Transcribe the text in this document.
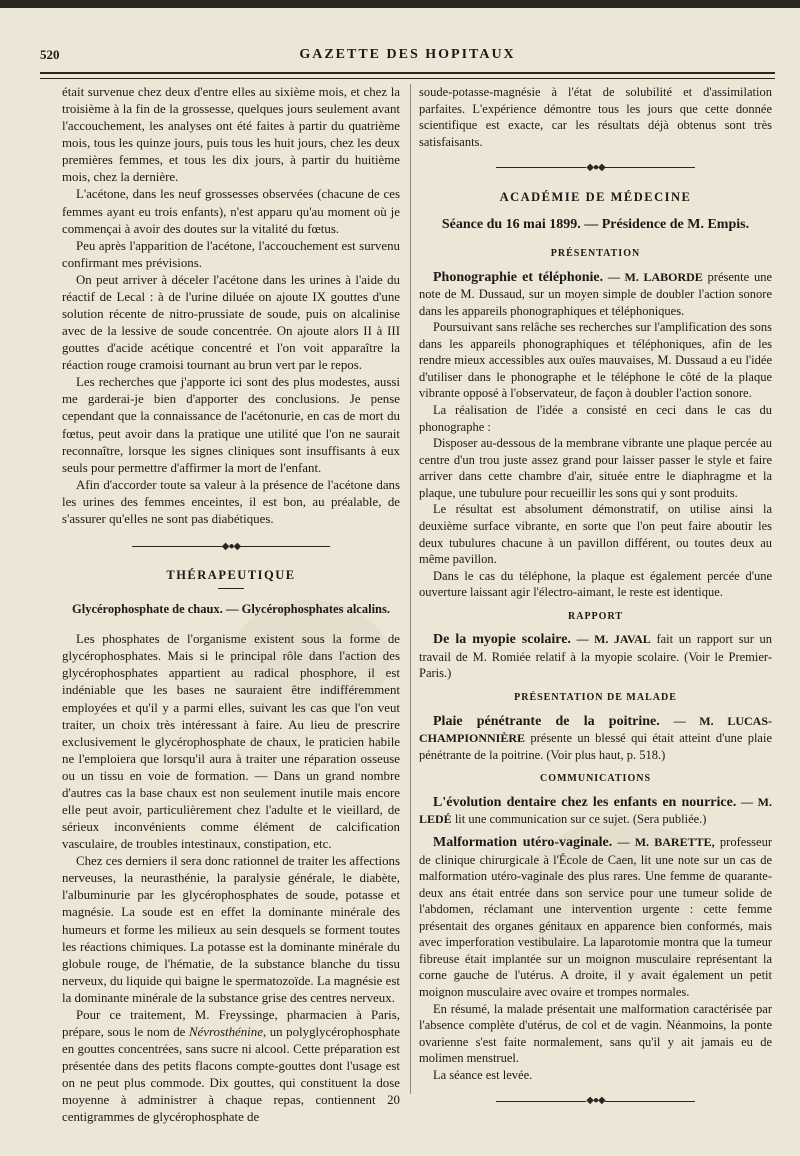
520	GAZETTE DES HOPITAUX

était survenue chez deux d'entre elles au sixième mois, et chez la troisième à la fin de la grossesse, quelques jours seulement avant l'accouchement, les analyses ont été faites à partir du quatrième mois, tous les quinze jours, puis tous les huit jours, chez les deux premières femmes, et tous les dix jours, à partir du huitième mois, chez la dernière.

L'acétone, dans les neuf grossesses observées (chacune de ces femmes ayant eu trois enfants), n'est apparu qu'au moment où je commençai à avoir des doutes sur la vitalité du fœtus.

Peu après l'apparition de l'acétone, l'accouchement est survenu confirmant mes prévisions.

On peut arriver à déceler l'acétone dans les urines à l'aide du réactif de Lecal : à de l'urine diluée on ajoute IX gouttes d'une solution récente de nitro-prussiate de soude, puis on alcalinise avec de la lessive de soude concentrée. On ajoute alors II à III gouttes d'acide acétique concentré et l'on voit apparaître la réaction rouge cramoisi tournant au brun vert par le repos.

Les recherches que j'apporte ici sont des plus modestes, aussi me garderai-je bien d'apporter des conclusions. Je pense cependant que la connaissance de l'acétonurie, en cas de mort du fœtus, peut avoir dans la pratique une utilité que l'on ne saurait reconnaître, lorsque les signes cliniques sont insuffisants à eux seuls pour permettre d'affirmer la mort de l'enfant.

Afin d'accorder toute sa valeur à la présence de l'acétone dans les urines des femmes enceintes, il est bon, au préalable, de s'assurer qu'elles ne sont pas diabétiques.

◆●◆
THÉRAPEUTIQUE
Glycérophosphate de chaux. — Glycérophosphates alcalins.

Les phosphates de l'organisme existent sous la forme de glycérophosphates. Mais si le principal rôle dans l'action des glycérophosphates appartient au radical phosphore, il est indéniable que les bases ne sauraient être indifféremment employées et qu'il y a parmi elles, suivant les cas que l'on veut traiter, un choix très intéressant à faire. Au lieu de prescrire exclusivement le glycérophosphate de chaux, le praticien habile ne l'emploiera que lorsqu'il aura à traiter une réparation osseuse ou un tissu en voie de formation. — Dans un grand nombre d'autres cas la base chaux est non seulement inutile mais encore elle peut avoir, particulièrement chez l'adulte et le vieillard, de sérieux inconvénients comme élément de calcification vasculaire, de troubles intestinaux, constipation, etc.

Chez ces derniers il sera donc rationnel de traiter les affections nerveuses, la neurasthénie, la paralysie générale, le diabète, l'albuminurie par les glycérophosphates de soude, potasse et magnésie. La soude est en effet la dominante minérale des humeurs et forme les milieux au sein desquels se forment toutes les réactions chimiques. La potasse est la dominante minérale du globule rouge, de l'hématie, de la substance blanche du tissu nerveux, du liquide qui baigne le spermatozoïde. La magnésie est la dominante minérale de la substance grise des centres nerveux.

Pour ce traitement, M. Freyssinge, pharmacien à Paris, prépare, sous le nom de Névrosthénine, un polyglycérophosphate en gouttes concentrées, sans sucre ni alcool. Cette préparation est présentée dans des petits flacons compte-gouttes dont l'usage est on ne peut plus commode. Dix gouttes, qui constituent la dose moyenne à administrer à chaque repas, contiennent 20 centigrammes de glycérophosphate de

soude-potasse-magnésie à l'état de solubilité et d'assimilation parfaites. L'expérience démontre tous les jours que cette donnée scientifique est exacte, car les résultats déjà obtenus sont très satisfaisants.

◆●◆
ACADÉMIE DE MÉDECINE
Séance du 16 mai 1899. — Présidence de M. Empis.
PRÉSENTATION

Phonographie et téléphonie. — M. LABORDE présente une note de M. Dussaud, sur un moyen simple de doubler l'action sonore dans les appareils phonographiques et téléphoniques.

Poursuivant sans relâche ses recherches sur l'amplification des sons dans les appareils phonographiques et téléphoniques, afin de les rendre mieux accessibles aux ouïes mauvaises, M. Dussaud a eu l'idée d'utiliser dans le phonographe et le téléphone le côté de la plaque vibrante opposé à l'observateur, de façon à doubler l'action sonore.

La réalisation de l'idée a consisté en ceci dans le cas du phonographe :

Disposer au-dessous de la membrane vibrante une plaque percée au centre d'un trou juste assez grand pour laisser passer le style et faire arriver dans cette chambre d'air, située entre le diaphragme et la plaque, une tubulure pour recueillir les sons qui y sont produits.

Le résultat est absolument démonstratif, on utilise ainsi la deuxième surface vibrante, en sorte que l'on peut faire aboutir les deux tubulures chacune à un pavillon différent, ou toutes deux au même pavillon.

Dans le cas du téléphone, la plaque est également percée d'une ouverture laissant agir l'électro-aimant, le reste est identique.

RAPPORT

De la myopie scolaire. — M. JAVAL fait un rapport sur un travail de M. Romiée relatif à la myopie scolaire. (Voir le Premier-Paris.)

PRÉSENTATION DE MALADE

Plaie pénétrante de la poitrine. — M. LUCAS-CHAMPIONNIÈRE présente un blessé qui était atteint d'une plaie pénétrante de la poitrine. (Voir plus haut, p. 518.)

COMMUNICATIONS

L'évolution dentaire chez les enfants en nourrice. — M. LEDÉ lit une communication sur ce sujet. (Sera publiée.)

Malformation utéro-vaginale. — M. BARETTE, professeur de clinique chirurgicale à l'École de Caen, lit une note sur un cas de malformation utéro-vaginale des plus rares. Une femme de quarante-deux ans était entrée dans son service pour une tumeur solide de l'abdomen, réclamant une intervention urgente : cette femme présentait des organes génitaux en apparence bien conformés, mais avec imperforation vestibulaire. La laparotomie montra que la tumeur fibreuse était implantée sur un moignon musculaire représentant la corne gauche de l'utérus. A droite, il y avait également un petit moignon musculaire avec ovaire et trompes normales.

En résumé, la malade présentait une malformation caractérisée par l'absence complète d'utérus, de col et de vagin. Néanmoins, la ponte ovarienne s'est faite normalement, sans qu'il y ait jamais eu de molimen menstruel.

La séance est levée.

◆●◆
